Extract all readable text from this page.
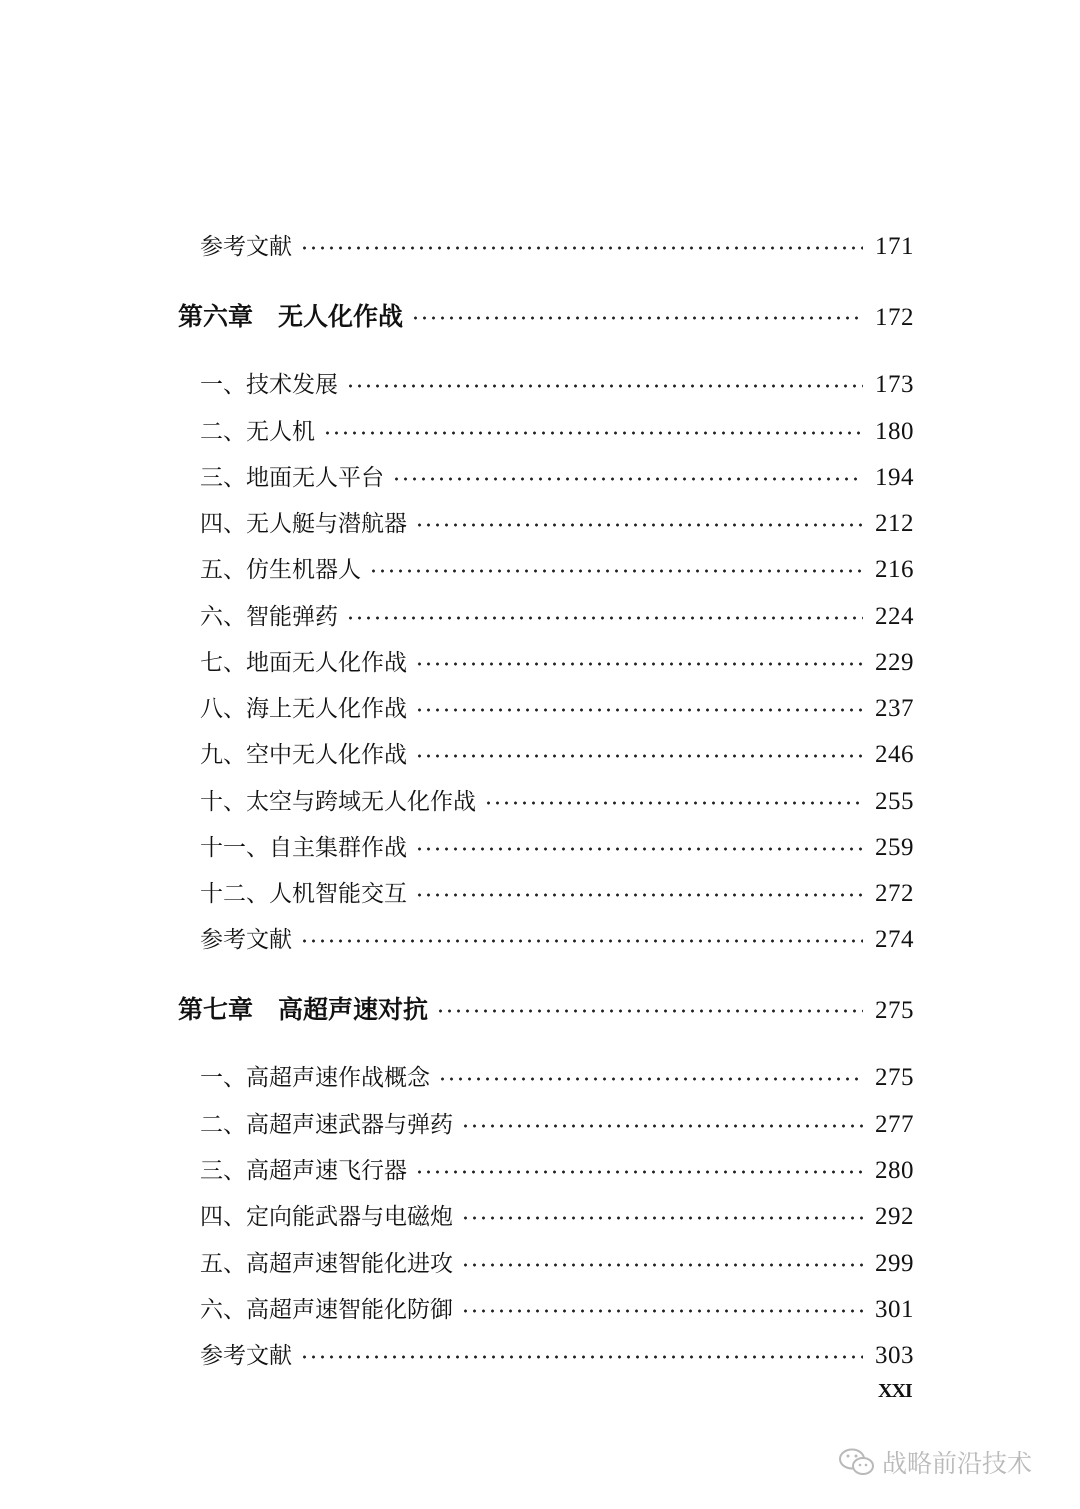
参考文献	171
第六章　无人化作战	172
一、技术发展	173
二、无人机	180
三、地面无人平台	194
四、无人艇与潜航器	212
五、仿生机器人	216
六、智能弹药	224
七、地面无人化作战	229
八、海上无人化作战	237
九、空中无人化作战	246
十、太空与跨域无人化作战	255
十一、自主集群作战	259
十二、人机智能交互	272
参考文献	274
第七章　高超声速对抗	275
一、高超声速作战概念	275
二、高超声速武器与弹药	277
三、高超声速飞行器	280
四、定向能武器与电磁炮	292
五、高超声速智能化进攻	299
六、高超声速智能化防御	301
参考文献	303
XXI
战略前沿技术
